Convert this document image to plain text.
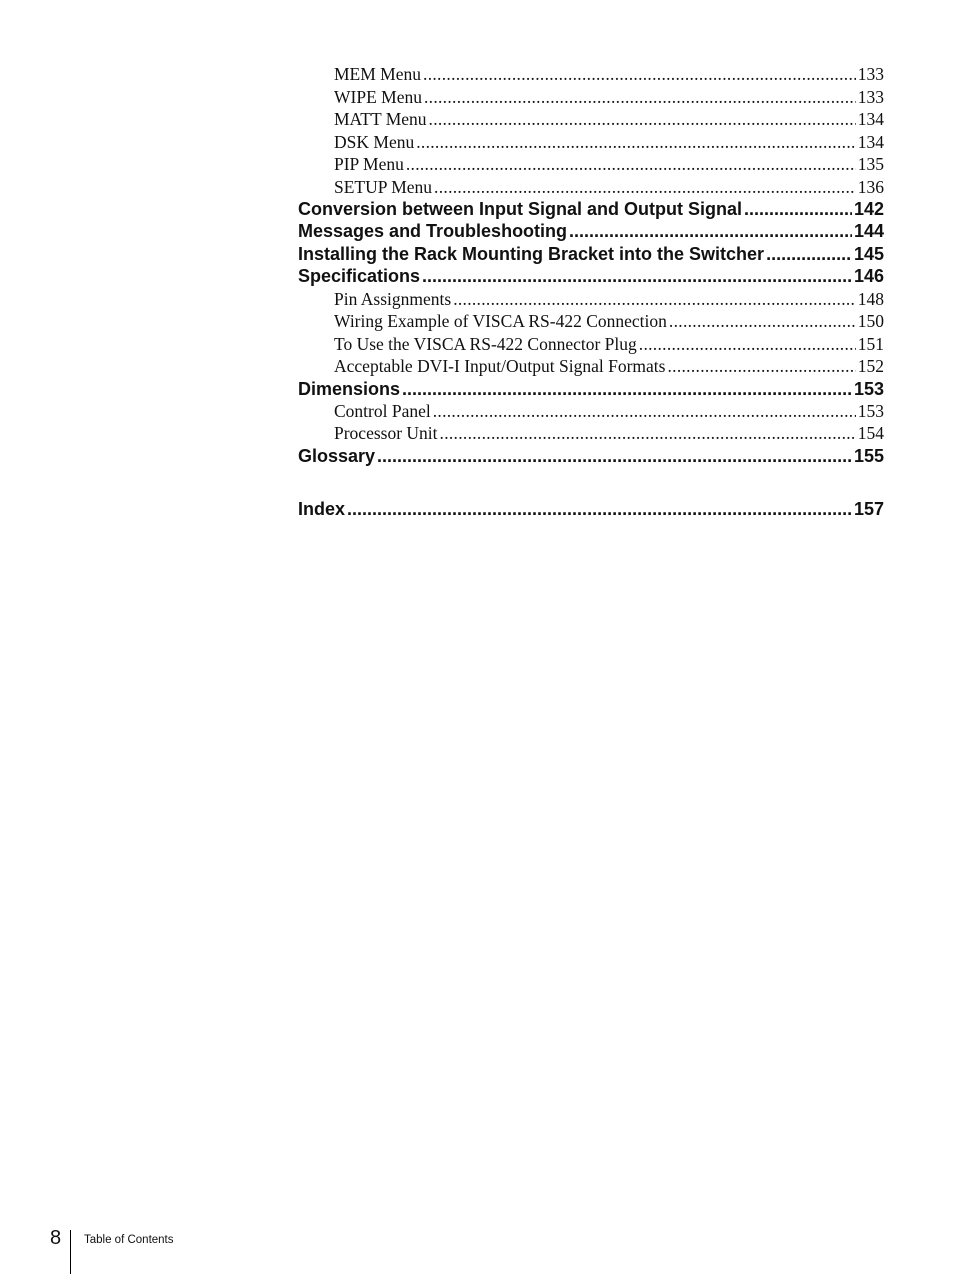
MEM Menu .....	133
WIPE Menu .....	133
MATT Menu .....	134
DSK Menu .....	134
PIP Menu .....	135
SETUP Menu .....	136
Conversion between Input Signal and Output Signal .....	142
Messages and Troubleshooting .....	144
Installing the Rack Mounting Bracket into the Switcher .....	145
Specifications .....	146
Pin Assignments .....	148
Wiring Example of VISCA RS-422 Connection .....	150
To Use the VISCA RS-422 Connector Plug .....	151
Acceptable DVI-I Input/Output Signal Formats .....	152
Dimensions .....	153
Control Panel .....	153
Processor Unit .....	154
Glossary .....	155
Index .....	157
8 Table of Contents
